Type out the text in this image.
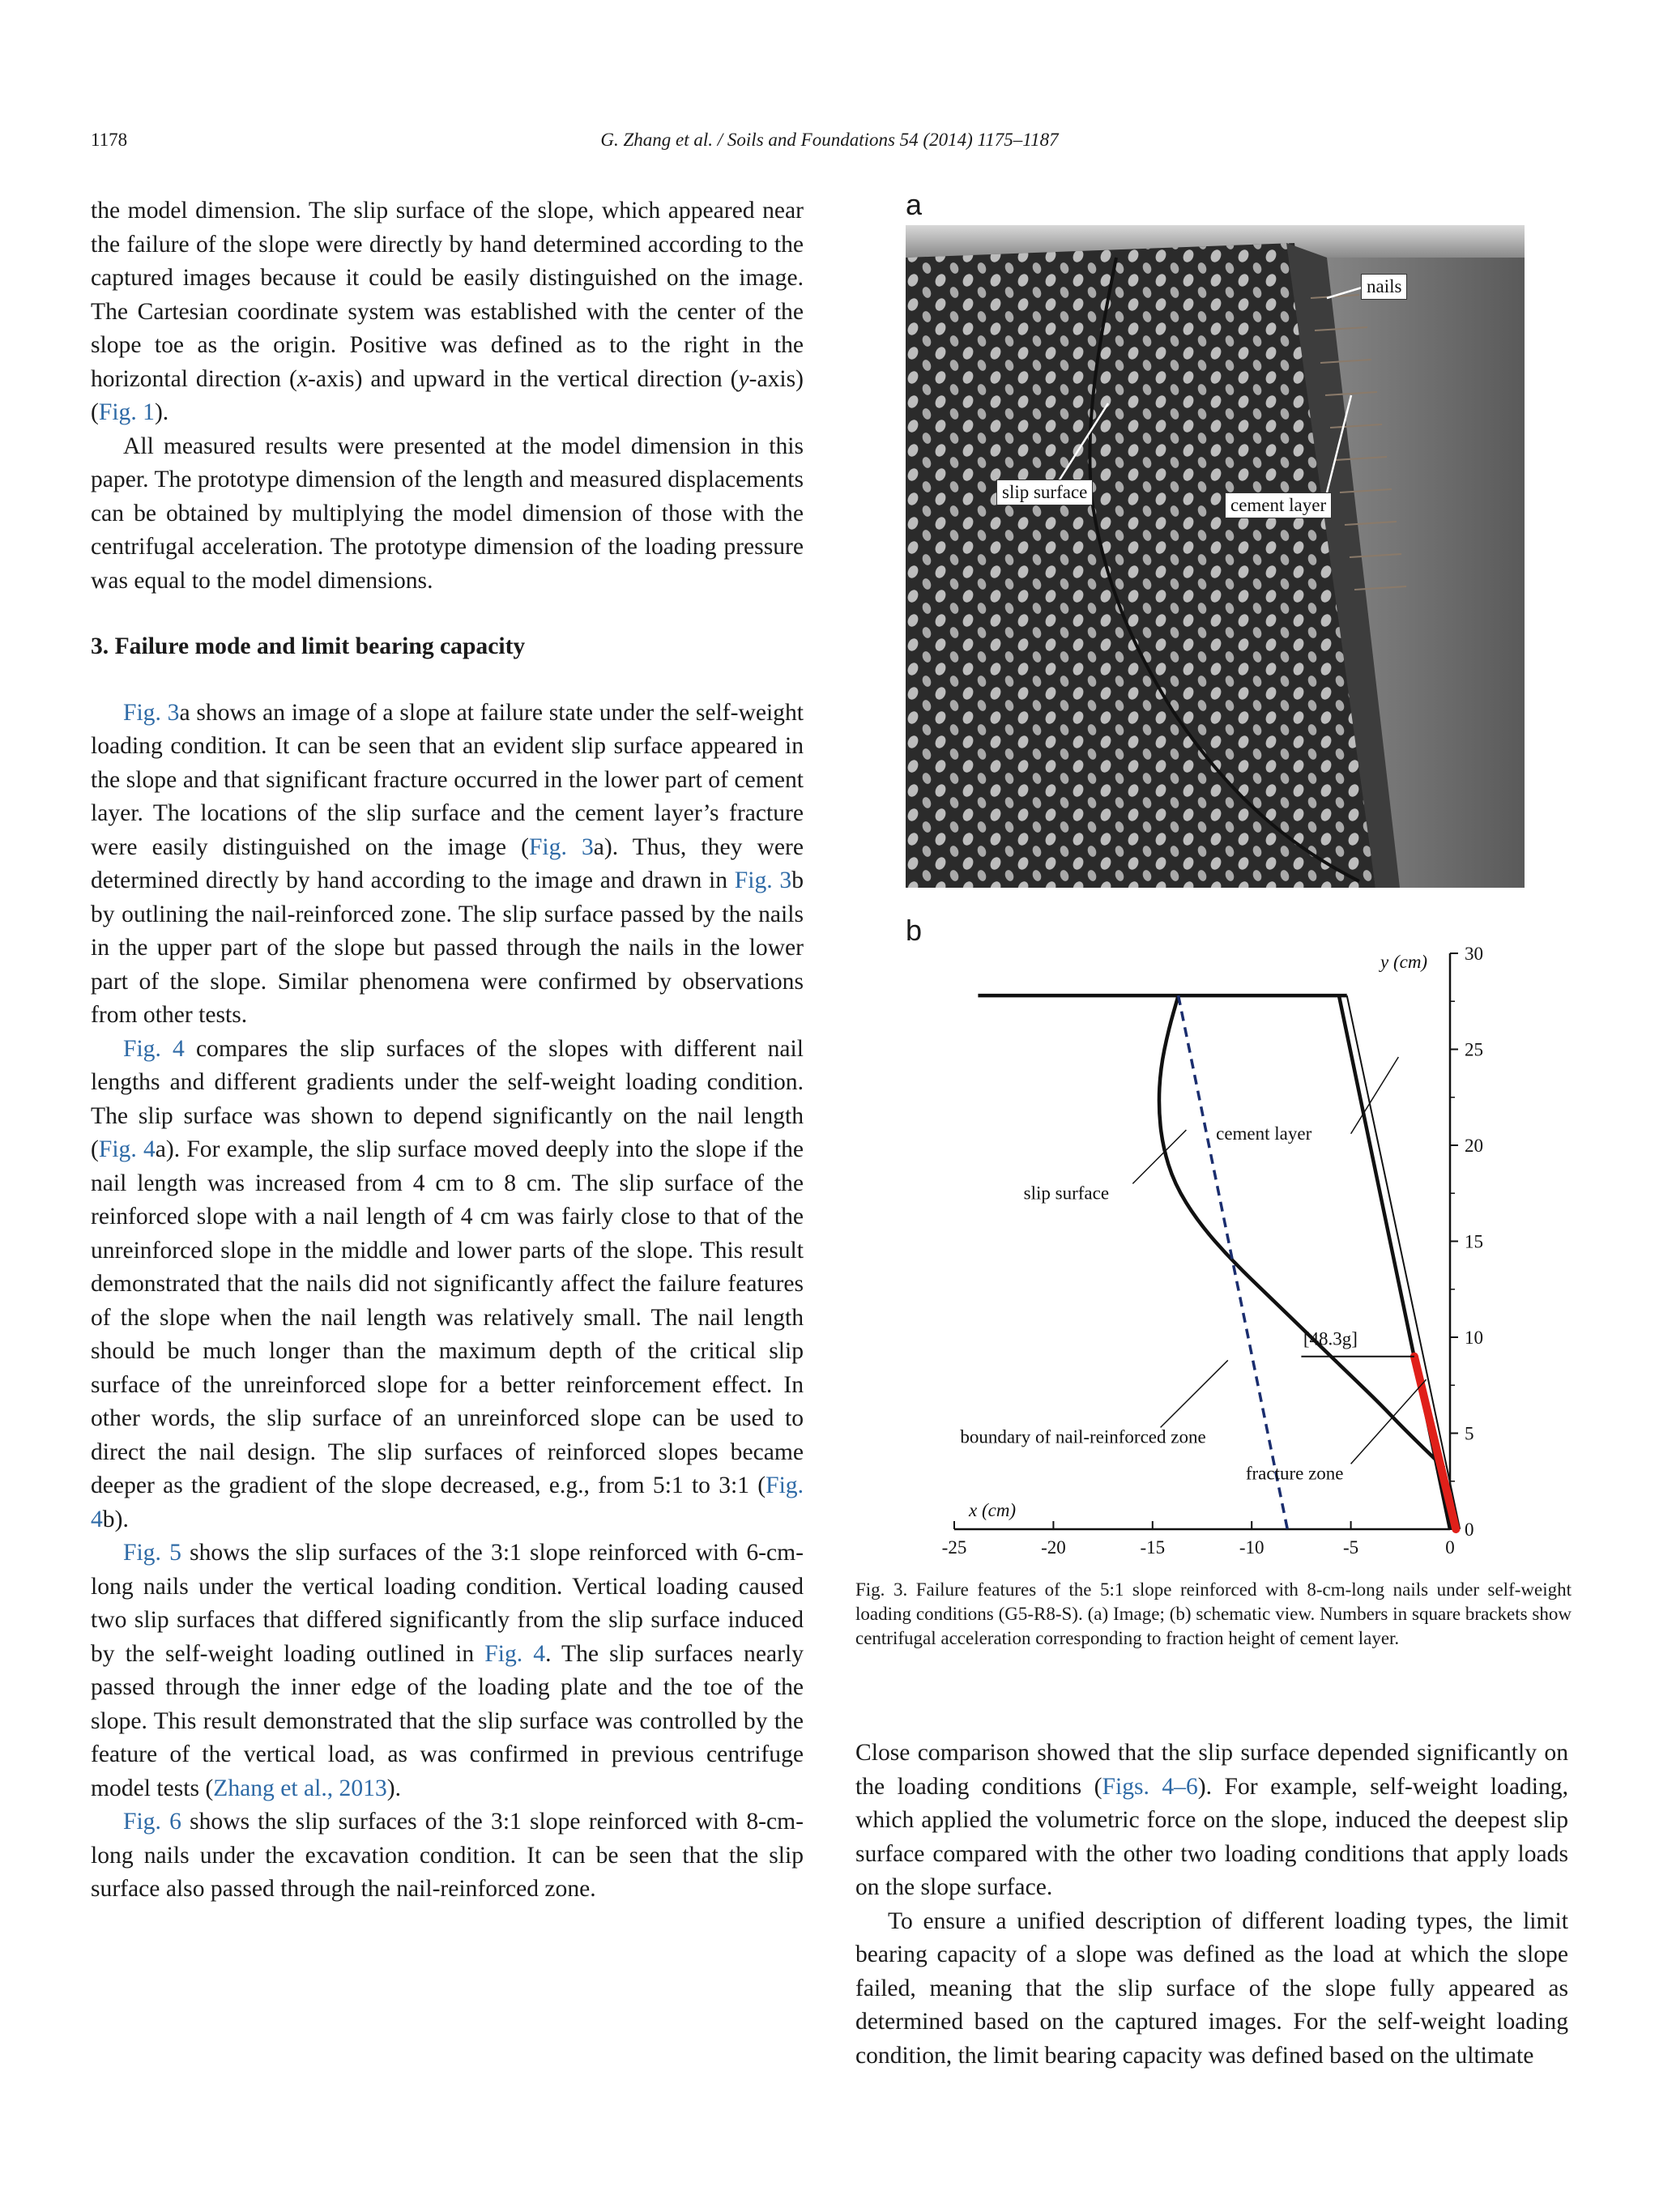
1178	G. Zhang et al. / Soils and Foundations 54 (2014) 1175–1187

the model dimension. The slip surface of the slope, which appeared near the failure of the slope were directly by hand determined according to the captured images because it could be easily distinguished on the image. The Cartesian coordinate system was established with the center of the slope toe as the origin. Positive was defined as to the right in the horizontal direction (x-axis) and upward in the vertical direction (y-axis) (Fig. 1).

All measured results were presented at the model dimension in this paper. The prototype dimension of the length and measured displacements can be obtained by multiplying the model dimension of those with the centrifugal acceleration. The prototype dimension of the loading pressure was equal to the model dimensions.

3. Failure mode and limit bearing capacity

Fig. 3a shows an image of a slope at failure state under the self-weight loading condition. It can be seen that an evident slip surface appeared in the slope and that significant fracture occurred in the lower part of cement layer. The locations of the slip surface and the cement layer’s fracture were easily distinguished on the image (Fig. 3a). Thus, they were determined directly by hand according to the image and drawn in Fig. 3b by outlining the nail-reinforced zone. The slip surface passed by the nails in the upper part of the slope but passed through the nails in the lower part of the slope. Similar phenomena were confirmed by observations from other tests.

Fig. 4 compares the slip surfaces of the slopes with different nail lengths and different gradients under the self-weight loading condition. The slip surface was shown to depend significantly on the nail length (Fig. 4a). For example, the slip surface moved deeply into the slope if the nail length was increased from 4 cm to 8 cm. The slip surface of the reinforced slope with a nail length of 4 cm was fairly close to that of the unreinforced slope in the middle and lower parts of the slope. This result demonstrated that the nails did not significantly affect the failure features of the slope when the nail length was relatively small. The nail length should be much longer than the maximum depth of the critical slip surface of the unreinforced slope for a better reinforcement effect. In other words, the slip surface of an unreinforced slope can be used to direct the nail design. The slip surfaces of reinforced slopes became deeper as the gradient of the slope decreased, e.g., from 5:1 to 3:1 (Fig. 4b).

Fig. 5 shows the slip surfaces of the 3:1 slope reinforced with 6-cm-long nails under the vertical loading condition. Vertical loading caused two slip surfaces that differed significantly from the slip surface induced by the self-weight loading outlined in Fig. 4. The slip surfaces nearly passed through the inner edge of the loading plate and the toe of the slope. This result demonstrated that the slip surface was controlled by the feature of the vertical load, as was confirmed in previous centrifuge model tests (Zhang et al., 2013).

Fig. 6 shows the slip surfaces of the 3:1 slope reinforced with 8-cm-long nails under the excavation condition. It can be seen that the slip surface also passed through the nail-reinforced zone.

a
nails
slip surface
cement layer
b
-25	-20	-15	-10	-5	0
0
5
10
15
20
25
30
x (cm)
y (cm)
cement layer
slip surface
[48.3g]
boundary of nail-reinforced zone
fracture zone

Fig. 3. Failure features of the 5:1 slope reinforced with 8-cm-long nails under self-weight loading conditions (G5-R8-S). (a) Image; (b) schematic view. Numbers in square brackets show centrifugal acceleration corresponding to fraction height of cement layer.

Close comparison showed that the slip surface depended significantly on the loading conditions (Figs. 4–6). For example, self-weight loading, which applied the volumetric force on the slope, induced the deepest slip surface compared with the other two loading conditions that apply loads on the slope surface.

To ensure a unified description of different loading types, the limit bearing capacity of a slope was defined as the load at which the slope failed, meaning that the slip surface of the slope fully appeared as determined based on the captured images. For the self-weight loading condition, the limit bearing capacity was defined based on the ultimate
